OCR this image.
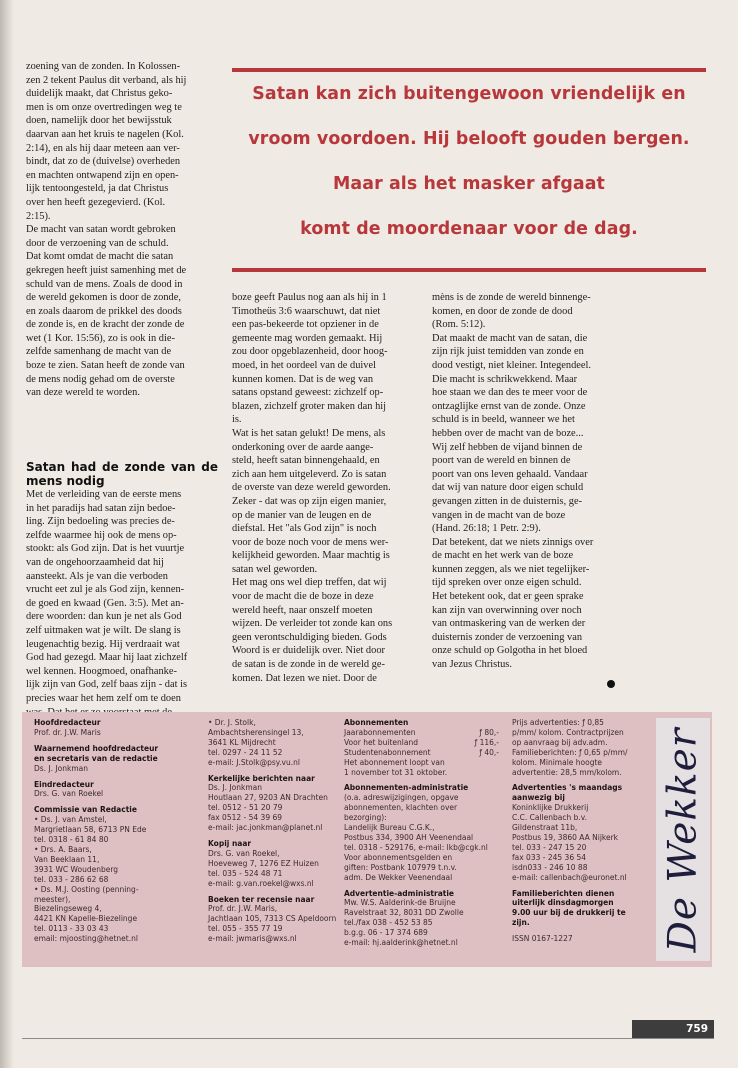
zoening van de zonden. In Kolossen-

zen 2 tekent Paulus dit verband, als hij

duidelijk maakt, dat Christus geko-

men is om onze overtredingen weg te

doen, namelijk door het bewijsstuk

daarvan aan het kruis te nagelen (Kol.

2:14), en als hij daar meteen aan ver-

bindt, dat zo de (duivelse) overheden

en machten ontwapend zijn en open-

lijk tentoongesteld, ja dat Christus

over hen heeft gezegevierd. (Kol.

2:15).

De macht van satan wordt gebroken

door de verzoening van de schuld.

Dat komt omdat de macht die satan

gekregen heeft juist samenhing met de

schuld van de mens. Zoals de dood in

de wereld gekomen is door de zonde,

en zoals daarom de prikkel des doods

de zonde is, en de kracht der zonde de

wet (1 Kor. 15:56), zo is ook in die-

zelfde samenhang de macht van de

boze te zien. Satan heeft de zonde van

de mens nodig gehad om de overste

van deze wereld te worden.

Satan had de zonde van de mens nodig

Met de verleiding van de eerste mens

in het paradijs had satan zijn bedoe-

ling. Zijn bedoeling was precies de-

zelfde waarmee hij ook de mens op-

stookt: als God zijn. Dat is het vuurtje

van de ongehoorzaamheid dat hij

aansteekt. Als je van die verboden

vrucht eet zul je als God zijn, kennen-

de goed en kwaad (Gen. 3:5). Met an-

dere woorden: dan kun je net als God

zelf uitmaken wat je wilt. De slang is

leugenachtig bezig. Hij verdraait wat

God had gezegd. Maar hij laat zichzelf

wel kennen. Hoogmoed, onafhanke-

lijk zijn van God, zelf baas zijn - dat is

precies waar het hem zelf om te doen

Satan kan zich buitengewoon vriendelijk en

vroom voordoen. Hij belooft gouden bergen.

Maar als het masker afgaat

komt de moordenaar voor de dag.

boze geeft Paulus nog aan als hij in 1

Timotheüs 3:6 waarschuwt, dat niet

een pas-bekeerde tot opziener in de

gemeente mag worden gemaakt. Hij

zou door opgeblazenheid, door hoog-

moed, in het oordeel van de duivel

kunnen komen. Dat is de weg van

satans opstand geweest: zichzelf op-

blazen, zichzelf groter maken dan hij

is.

Wat is het satan gelukt! De mens, als

onderkoning over de aarde aange-

steld, heeft satan binnengehaald, en

zich aan hem uitgeleverd. Zo is satan

de overste van deze wereld geworden.

Zeker - dat was op zijn eigen manier,

op de manier van de leugen en de

diefstal. Het "als God zijn" is noch

voor de boze noch voor de mens wer-

kelijkheid geworden. Maar machtig is

satan wel geworden.

Het mag ons wel diep treffen, dat wij

voor de macht die de boze in deze

wereld heeft, naar onszelf moeten

wijzen. De verleider tot zonde kan ons

geen verontschuldiging bieden. Gods

Woord is er duidelijk over. Niet door

de satan is de zonde in de wereld ge-

komen. Dat lezen we niet. Door de

mèns is de zonde de wereld binnenge-

komen, en door de zonde de dood

(Rom. 5:12).

Dat maakt de macht van de satan, die

zijn rijk juist temidden van zonde en

dood vestigt, niet kleiner. Integendeel.

Die macht is schrikwekkend. Maar

hoe staan we dan des te meer voor de

ontzaglijke ernst van de zonde. Onze

schuld is in beeld, wanneer we het

hebben over de macht van de boze...

Wij zelf hebben de vijand binnen de

poort van de wereld en binnen de

poort van ons leven gehaald. Vandaar

dat wij van nature door eigen schuld

gevangen zitten in de duisternis, ge-

vangen in de macht van de boze

(Hand. 26:18; 1 Petr. 2:9).

Dat betekent, dat we niets zinnigs over

de macht en het werk van de boze

kunnen zeggen, als we niet tegelijker-

tijd spreken over onze eigen schuld.

Het betekent ook, dat er geen sprake

kan zijn van overwinning over noch

van ontmaskering van de werken der

duisternis zonder de verzoening van

onze schuld op Golgotha in het bloed

van Jezus Christus.

Hoofdredacteur

Prof. dr. J.W. Maris

Waarnemend hoofdredacteur

en secretaris van de redactie

Ds. J. Jonkman

Eindredacteur

Drs. G. van Roekel

Commissie van Redactie

• Ds. J. van Amstel,

Margrietlaan 58, 6713 PN Ede

tel. 0318 - 61 84 80

• Drs. A. Baars,

Van Beeklaan 11,

3931 WC Woudenberg

tel. 033 - 286 62 68

• Ds. M.J. Oosting (penning-

meester),

Biezelingseweg 4,

4421 KN Kapelle-Biezelinge

tel. 0113 - 33 03 43

email: mjoosting@hetnet.nl

• Dr. J. Stolk,

Ambachtsherensingel 13,

3641 KL Mijdrecht

tel. 0297 - 24 11 52

e-mail: J.Stolk@psy.vu.nl

Kerkelijke berichten naar

Ds. J. Jonkman

Houtlaan 27, 9203 AN Drachten

tel. 0512 - 51 20 79

fax 0512 - 54 39 69

e-mail: jac.jonkman@planet.nl

Kopij naar

Drs. G. van Roekel,

Hoeveweg 7, 1276 EZ Huizen

tel. 035 - 524 48 71

e-mail: g.van.roekel@wxs.nl

Boeken ter recensie naar

Prof. dr. J.W. Maris,

Jachtlaan 105, 7313 CS Apeldoorn

tel. 055 - 355 77 19

e-mail: jwmaris@wxs.nl

Abonnementen

Jaarabonnementen	ƒ 80,-
Voor het buitenland	ƒ 116,-
Studentenabonnement	ƒ 40,-

Het abonnement loopt van

1 november tot 31 oktober.

Abonnementen-administratie

(o.a. adreswijzigingen, opgave

abonnementen, klachten over

bezorging):

Landelijk Bureau C.G.K.,

Postbus 334, 3900 AH Veenendaal

tel. 0318 - 529176, e-mail: lkb@cgk.nl

Voor abonnementsgelden en

giften: Postbank 107979 t.n.v.

adm. De Wekker Veenendaal

Advertentie-administratie

Mw. W.S. Aalderink-de Bruijne

Ravelstraat 32, 8031 DD Zwolle

tel./fax 038 - 452 53 85

b.g.g. 06 - 17 374 689

e-mail: hj.aalderink@hetnet.nl

Prijs advertenties: ƒ 0,85

p/mm/ kolom. Contractprijzen

op aanvraag bij adv.adm.

Familieberichten: ƒ 0,65 p/mm/

kolom. Minimale hoogte

advertentie: 28,5 mm/kolom.

Advertenties 's maandags

aanwezig bij

Koninklijke Drukkerij

C.C. Callenbach b.v.

Gildenstraat 11b,

Postbus 19, 3860 AA Nijkerk

tel. 033 - 247 15 20

fax 033 - 245 36 54

isdn033 - 246 10 88

e-mail: callenbach@euronet.nl

Familieberichten dienen

uiterlijk dinsdagmorgen

9.00 uur bij de drukkerij te

zijn.

ISSN 0167-1227	De Wekker
759
